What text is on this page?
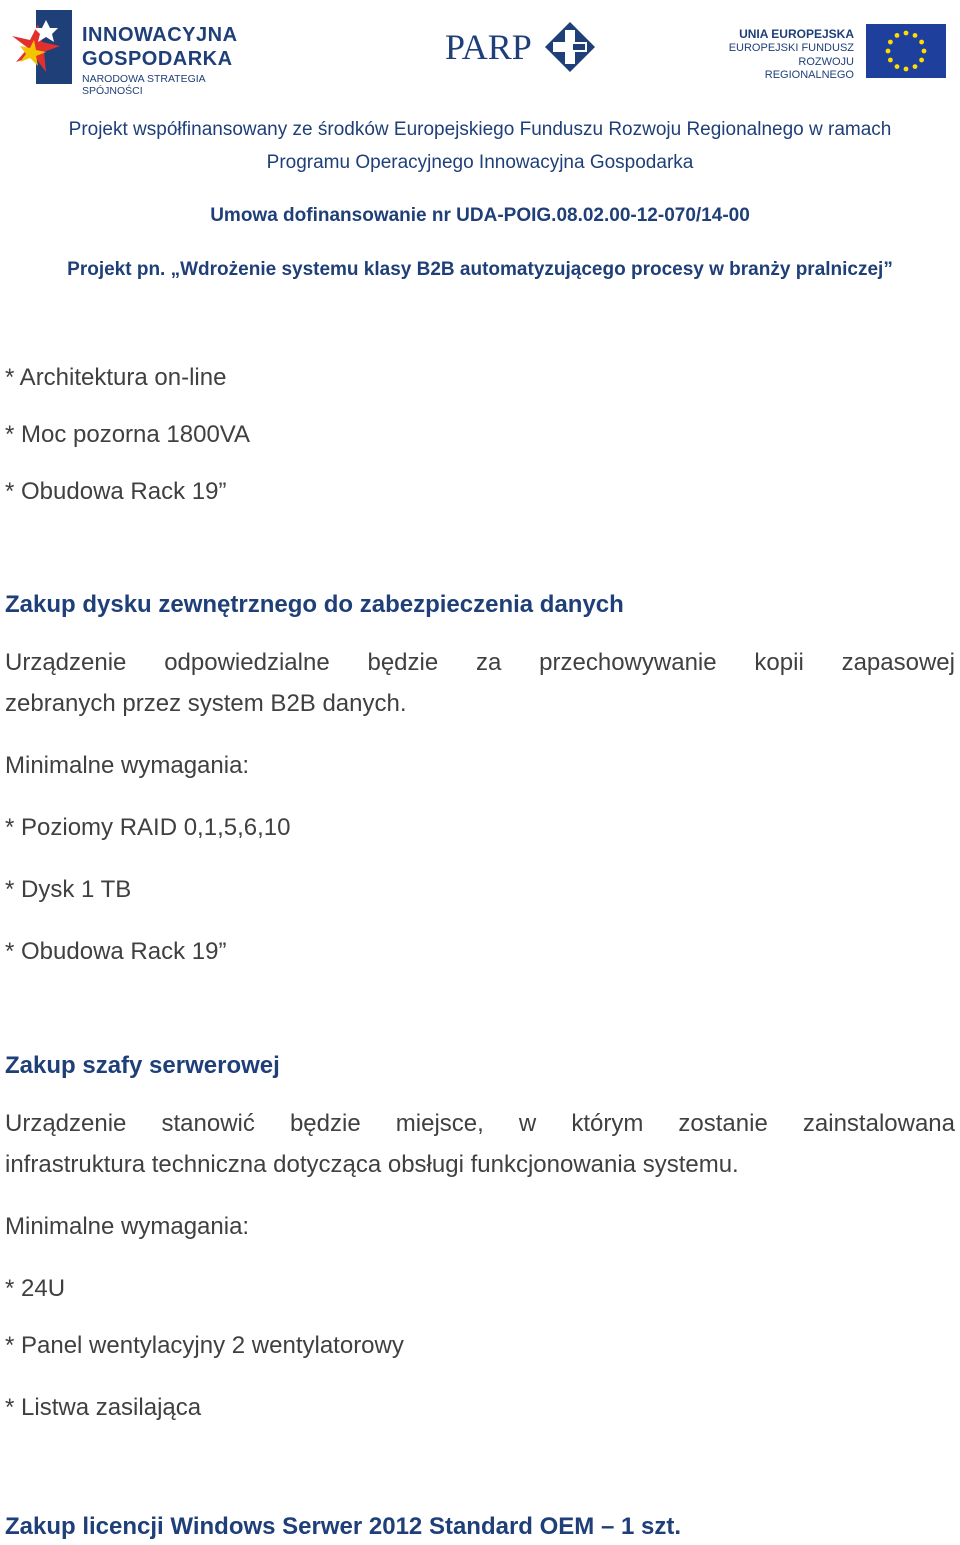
INNOWACYJNA
GOSPODARKA
NARODOWA STRATEGIA SPÓJNOŚCI
PARP	UNIA EUROPEJSKA
EUROPEJSKI FUNDUSZ
ROZWOJU REGIONALNEGO
Projekt współfinansowany ze środków Europejskiego Funduszu Rozwoju Regionalnego w ramach
Programu Operacyjnego Innowacyjna Gospodarka
Umowa dofinansowanie nr UDA-POIG.08.02.00-12-070/14-00
Projekt pn. „Wdrożenie systemu klasy B2B automatyzującego procesy w branży pralniczej”
* Architektura on-line
* Moc pozorna 1800VA
* Obudowa Rack 19”
Zakup dysku zewnętrznego do zabezpieczenia danych
Urządzenie odpowiedzialne będzie za przechowywanie kopii zapasowej
zebranych przez system B2B danych.
Minimalne wymagania:
* Poziomy RAID 0,1,5,6,10
* Dysk 1 TB
* Obudowa Rack 19”
Zakup szafy serwerowej
Urządzenie stanowić będzie miejsce, w którym zostanie zainstalowana
infrastruktura techniczna dotycząca obsługi funkcjonowania systemu.
Minimalne wymagania:
* 24U
* Panel wentylacyjny 2 wentylatorowy
* Listwa zasilająca
Zakup licencji Windows Serwer 2012 Standard OEM – 1 szt.
